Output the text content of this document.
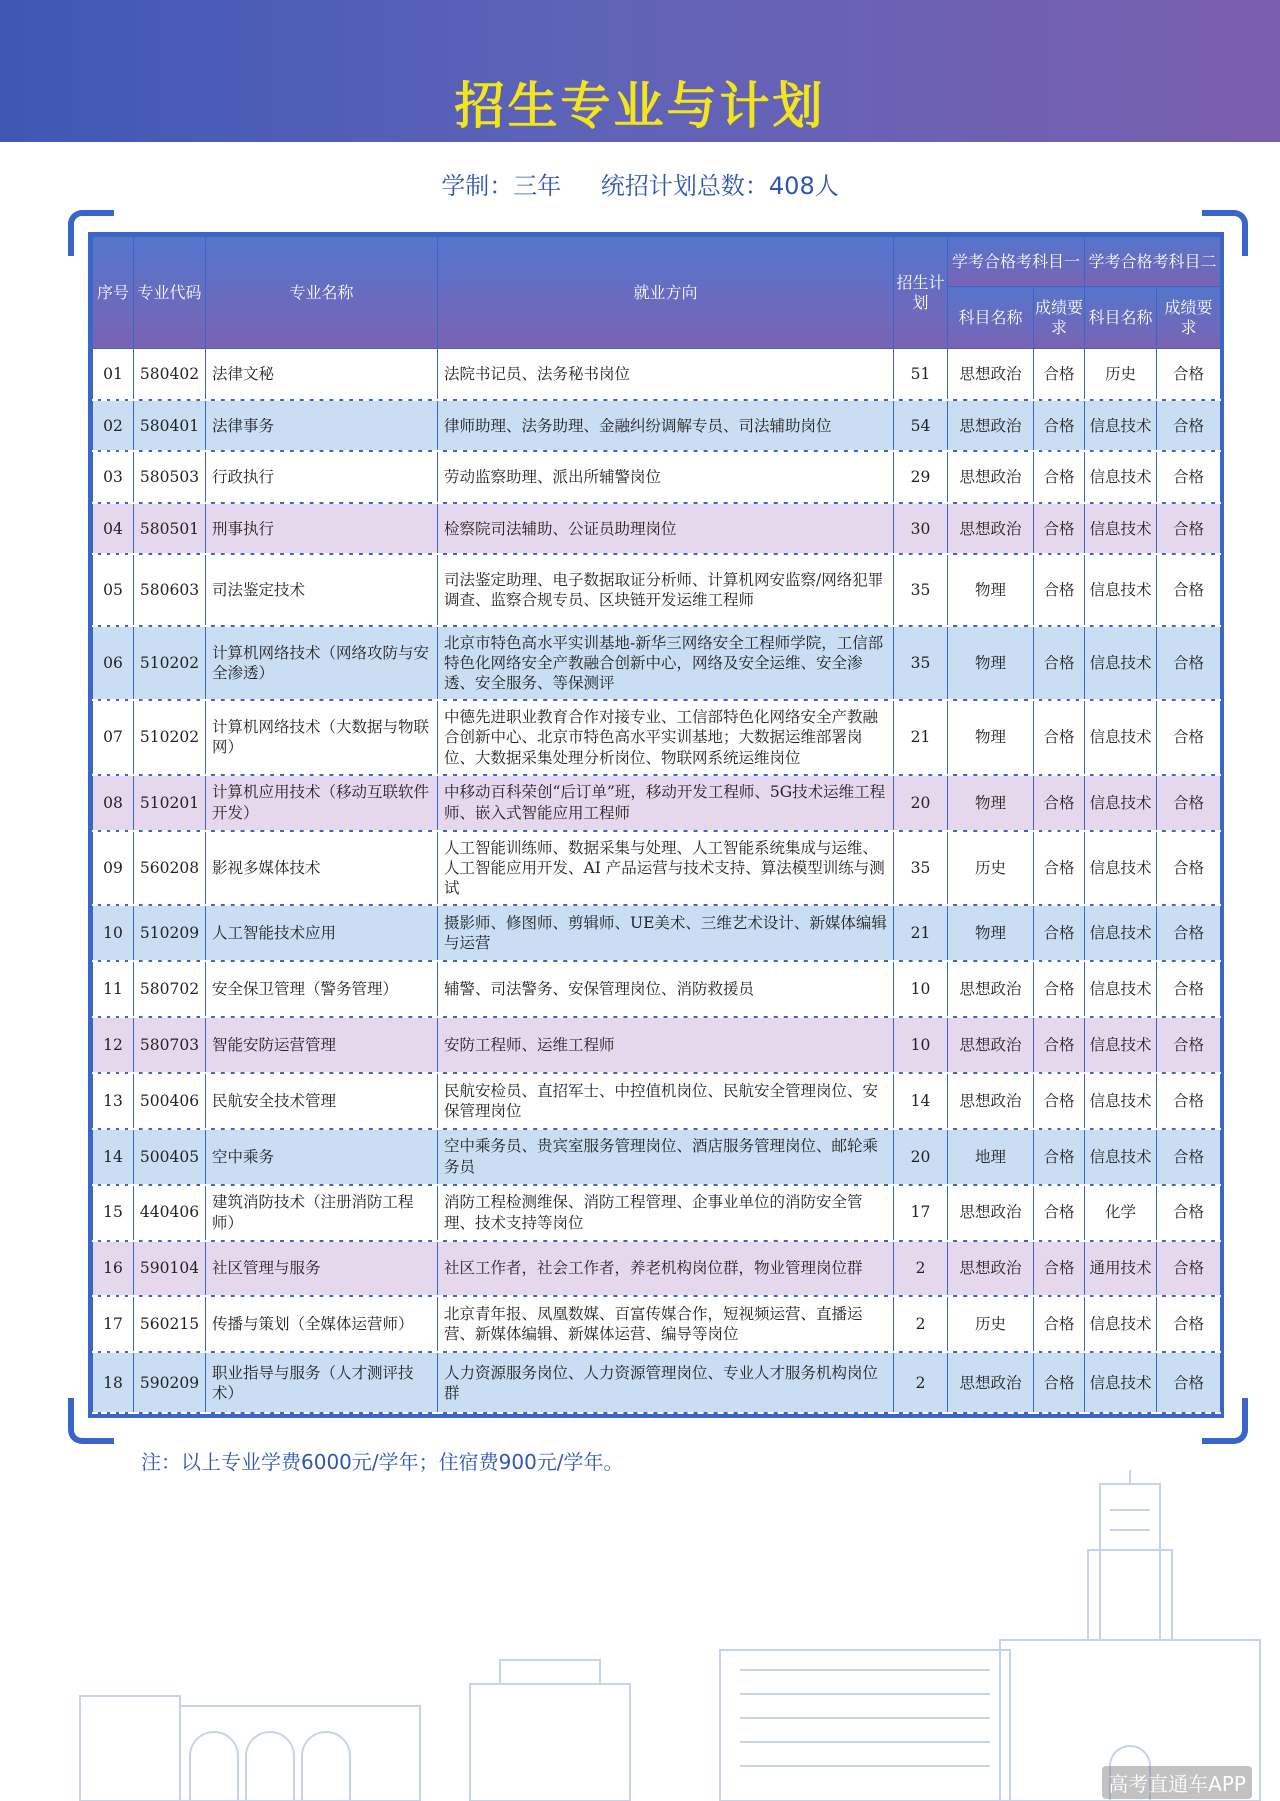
招生专业与计划
学制：三年 统招计划总数：408人
序号	专业代码	专业名称	就业方向	招生计划	学考合格考科目一		学考合格考科目二	
					科目名称	成绩要求	科目名称	成绩要求
01	580402	法律文秘	法院书记员、法务秘书岗位	51	思想政治	合格	历史	合格
02	580401	法律事务	律师助理、法务助理、金融纠纷调解专员、司法辅助岗位	54	思想政治	合格	信息技术	合格
03	580503	行政执行	劳动监察助理、派出所辅警岗位	29	思想政治	合格	信息技术	合格
04	580501	刑事执行	检察院司法辅助、公证员助理岗位	30	思想政治	合格	信息技术	合格
05	580603	司法鉴定技术	司法鉴定助理、电子数据取证分析师、计算机网安监察/网络犯罪调查、监察合规专员、区块链开发运维工程师	35	物理	合格	信息技术	合格
06	510202	计算机网络技术（网络攻防与安全渗透）	北京市特色高水平实训基地-新华三网络安全工程师学院，工信部特色化网络安全产教融合创新中心，网络及安全运维、安全渗透、安全服务、等保测评	35	物理	合格	信息技术	合格
07	510202	计算机网络技术（大数据与物联网）	中德先进职业教育合作对接专业、工信部特色化网络安全产教融合创新中心、北京市特色高水平实训基地；大数据运维部署岗位、大数据采集处理分析岗位、物联网系统运维岗位	21	物理	合格	信息技术	合格
08	510201	计算机应用技术（移动互联软件开发）	中移动百科荣创“后订单”班，移动开发工程师、5G技术运维工程师、嵌入式智能应用工程师	20	物理	合格	信息技术	合格
09	560208	影视多媒体技术	人工智能训练师、数据采集与处理、人工智能系统集成与运维、人工智能应用开发、AI 产品运营与技术支持、算法模型训练与测试	35	历史	合格	信息技术	合格
10	510209	人工智能技术应用	摄影师、修图师、剪辑师、UE美术、三维艺术设计、新媒体编辑与运营	21	物理	合格	信息技术	合格
11	580702	安全保卫管理（警务管理）	辅警、司法警务、安保管理岗位、消防救援员	10	思想政治	合格	信息技术	合格
12	580703	智能安防运营管理	安防工程师、运维工程师	10	思想政治	合格	信息技术	合格
13	500406	民航安全技术管理	民航安检员、直招军士、中控值机岗位、民航安全管理岗位、安保管理岗位	14	思想政治	合格	信息技术	合格
14	500405	空中乘务	空中乘务员、贵宾室服务管理岗位、酒店服务管理岗位、邮轮乘务员	20	地理	合格	信息技术	合格
15	440406	建筑消防技术（注册消防工程师）	消防工程检测维保、消防工程管理、企事业单位的消防安全管理、技术支持等岗位	17	思想政治	合格	化学	合格
16	590104	社区管理与服务	社区工作者，社会工作者，养老机构岗位群，物业管理岗位群	2	思想政治	合格	通用技术	合格
17	560215	传播与策划（全媒体运营师）	北京青年报、凤凰数媒、百富传媒合作，短视频运营、直播运营、新媒体编辑、新媒体运营、编导等岗位	2	历史	合格	信息技术	合格
18	590209	职业指导与服务（人才测评技术）	人力资源服务岗位、人力资源管理岗位、专业人才服务机构岗位群	2	思想政治	合格	信息技术	合格
注：以上专业学费6000元/学年；住宿费900元/学年。
高考直通车APP
